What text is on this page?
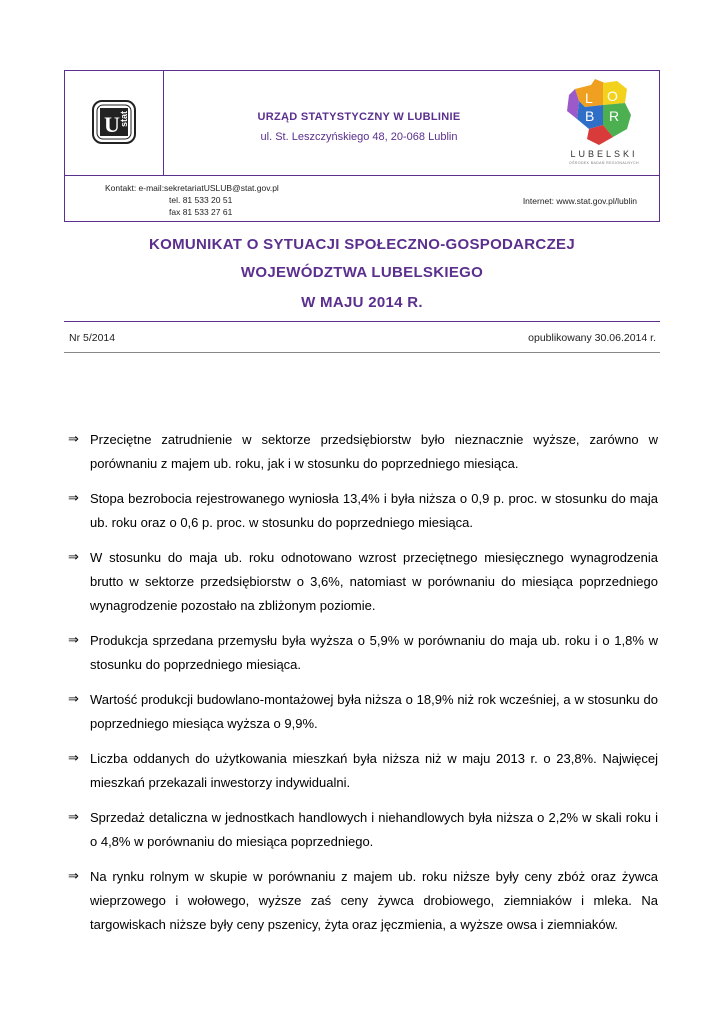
U stat	URZĄD STATYSTYCZNY W LUBLINIE
ul. St. Leszczyńskiego 48, 20-068 Lublin
L O
B R
LUBELSKI
OŚRODEK BADAŃ REGIONALNYCH
Kontakt: e-mail:sekretariatUSLUB@stat.gov.pl
tel. 81 533 20 51
fax 81 533 27 61
Internet: www.stat.gov.pl/lublin
KOMUNIKAT O SYTUACJI SPOŁECZNO-GOSPODARCZEJ
WOJEWÓDZTWA LUBELSKIEGO
W MAJU 2014 R.
Nr 5/2014	opublikowany 30.06.2014 r.
⇒ Przeciętne zatrudnienie w sektorze przedsiębiorstw było nieznacznie wyższe, zarówno w porównaniu z majem ub. roku, jak i w stosunku do poprzedniego miesiąca.
⇒ Stopa bezrobocia rejestrowanego wyniosła 13,4% i była niższa o 0,9 p. proc. w stosunku do maja ub. roku oraz o 0,6 p. proc. w stosunku do poprzedniego miesiąca.
⇒ W stosunku do maja ub. roku odnotowano wzrost przeciętnego miesięcznego wynagrodzenia brutto w sektorze przedsiębiorstw o 3,6%, natomiast w porównaniu do miesiąca poprzedniego wynagrodzenie pozostało na zbliżonym poziomie.
⇒ Produkcja sprzedana przemysłu była wyższa o 5,9% w porównaniu do maja ub. roku i o 1,8% w stosunku do poprzedniego miesiąca.
⇒ Wartość produkcji budowlano-montażowej była niższa o 18,9% niż rok wcześniej, a w stosunku do poprzedniego miesiąca wyższa o 9,9%.
⇒ Liczba oddanych do użytkowania mieszkań była niższa niż w maju 2013 r. o 23,8%. Najwięcej mieszkań przekazali inwestorzy indywidualni.
⇒ Sprzedaż detaliczna w jednostkach handlowych i niehandlowych była niższa o 2,2% w skali roku i o 4,8% w porównaniu do miesiąca poprzedniego.
⇒ Na rynku rolnym w skupie w porównaniu z majem ub. roku niższe były ceny zbóż oraz żywca wieprzowego i wołowego, wyższe zaś ceny żywca drobiowego, ziemniaków i mleka. Na targowiskach niższe były ceny pszenicy, żyta oraz jęczmienia, a wyższe owsa i ziemniaków.
